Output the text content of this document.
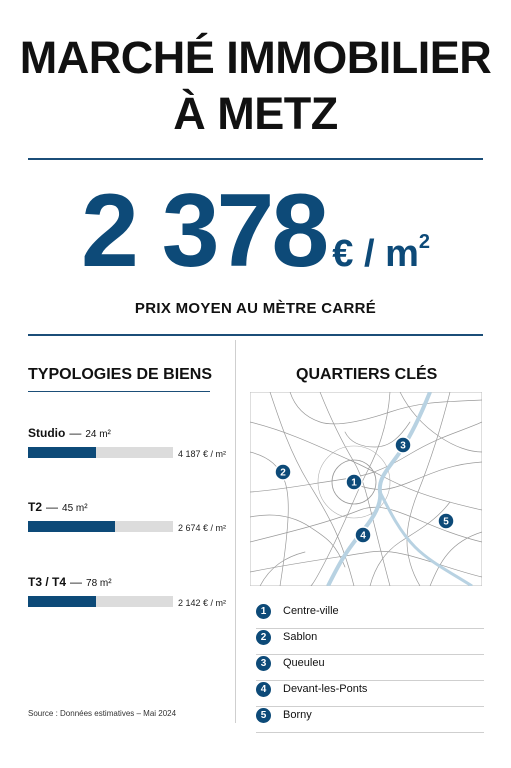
MARCHÉ IMMOBILIER
À METZ
2 378 € / $m^2$
PRIX MOYEN AU MÈTRE CARRÉ
TYPOLOGIES DE BIENS
Studio — 24 m²
4 187 € / m²
T2 — 45 m²
2 674 € / m²
T3 / T4 — 78 m²
2 142 € / m²
QUARTIERS CLÉS
1
2
3
4
5
1	Centre-ville
2	Sablon
3	Queuleu
4	Devant-les-Ponts
5	Borny
Source : Données estimatives – Mai 2024
